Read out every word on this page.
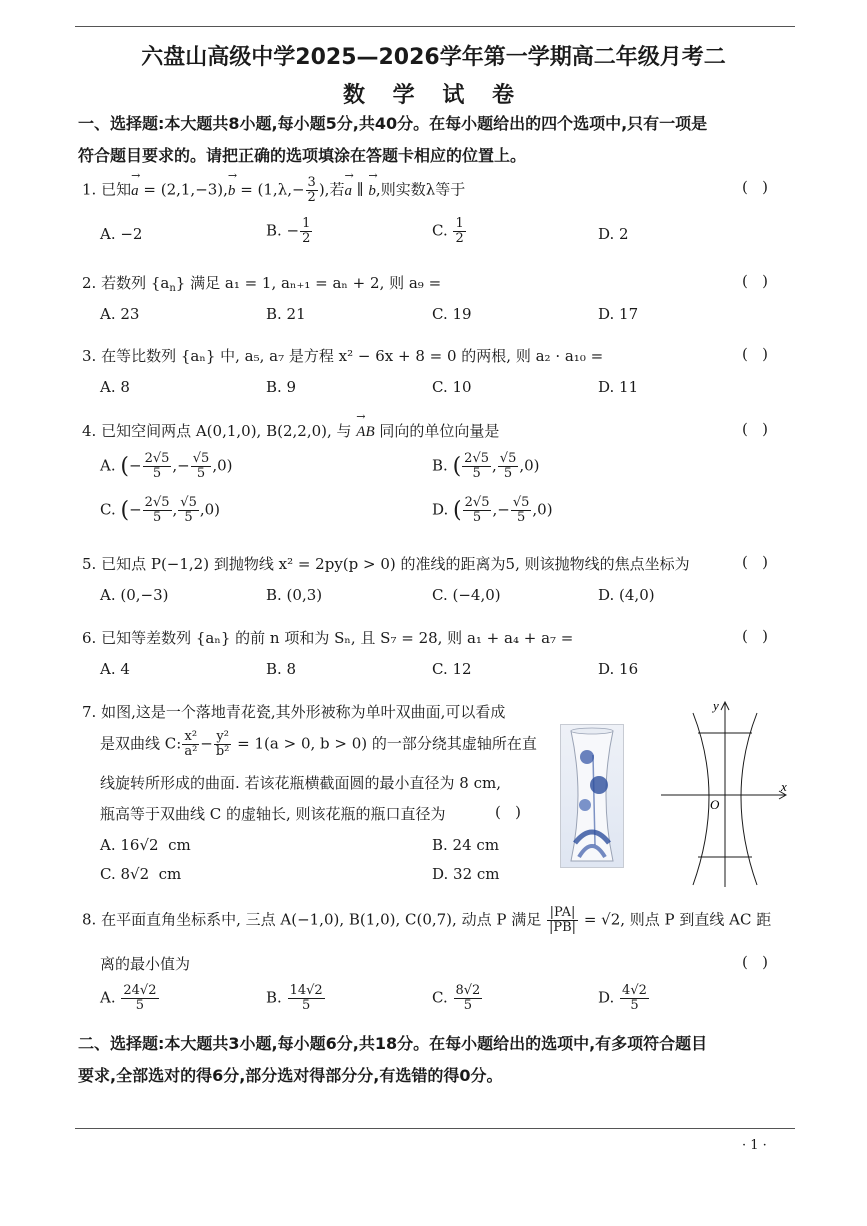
六盘山高级中学2025—2026学年第一学期高二年级月考二
数 学 试 卷
一、选择题:本大题共8小题,每小题5分,共40分。在每小题给出的四个选项中,只有一项是
符合题目要求的。请把正确的选项填涂在答题卡相应的位置上。
1. 已知→ $a = (2,1,-3),\to b = (1,\lambda,- \frac{3}{2}$ ),若→ a ∥ → b,则实数λ等于	(   )
A. −2	B. − $\frac{1}{2}$	C. $\frac{1}{2}$	D. 2
2. 若数列 $\{a_n\}$ 满足 a₁ = 1, aₙ₊₁ = aₙ + 2, 则 a₉ =	(   )
A. 23	B. 21	C. 19	D. 17
3. 在等比数列 {aₙ} 中, a₅, a₇ 是方程 x² − 6x + 8 = 0 的两根, 则 a₂ · a₁₀ =	(   )
A. 8	B. 9	C. 10	D. 11
4. 已知空间两点 A(0,1,0), B(2,2,0), 与 → AB 同向的单位向量是	(   )
A. (− $\frac{2√5}{5}$ ,− $\frac{√5}{5} ,0$)	B. ( $\frac{2√5}{5}$ , $\frac{√5}{5} ,0$)
C. (− $\frac{2√5}{5}$ , $\frac{√5}{5} ,0$)	D. ( $\frac{2√5}{5}$ ,− $\frac{√5}{5} ,0$)
5. 已知点 P(−1,2) 到抛物线 x² = 2py(p > 0) 的准线的距离为5, 则该抛物线的焦点坐标为	(   )
A. (0,−3)	B. (0,3)	C. (−4,0)	D. (4,0)
6. 已知等差数列 {aₙ} 的前 n 项和为 Sₙ, 且 S₇ = 28, 则 a₁ + a₄ + a₇ =	(   )
A. 4	B. 8	C. 12	D. 16
7. 如图,这是一个落地青花瓷,其外形被称为单叶双曲面,可以看成
是双曲线 C: $\frac{\text{x²}}{\text{a²}} - \frac{\text{y²}}{\text{b²}} = 1(a > 0$, b > 0) 的一部分绕其虚轴所在直
线旋转所形成的曲面. 若该花瓶横截面圆的最小直径为 8 cm,
瓶高等于双曲线 C 的虚轴长, 则该花瓶的瓶口直径为	(   )
A. 16√2  cm	B. 24 cm
C. 8√2  cm	D. 32 cm
x
y
O
8. 在平面直角坐标系中, 三点 A(−1,0), B(1,0), C(0,7), 动点 P 满足 $\frac{|PA|}{|PB|} = √2$, 则点 P 到直线 AC 距
离的最小值为	(   )
A. $\frac{24√2}{5}$	B. $\frac{14√2}{5}$	C. $\frac{8√2}{5}$	D. $\frac{4√2}{5}$
二、选择题:本大题共3小题,每小题6分,共18分。在每小题给出的选项中,有多项符合题目
要求,全部选对的得6分,部分选对得部分分,有选错的得0分。
· 1 ·
